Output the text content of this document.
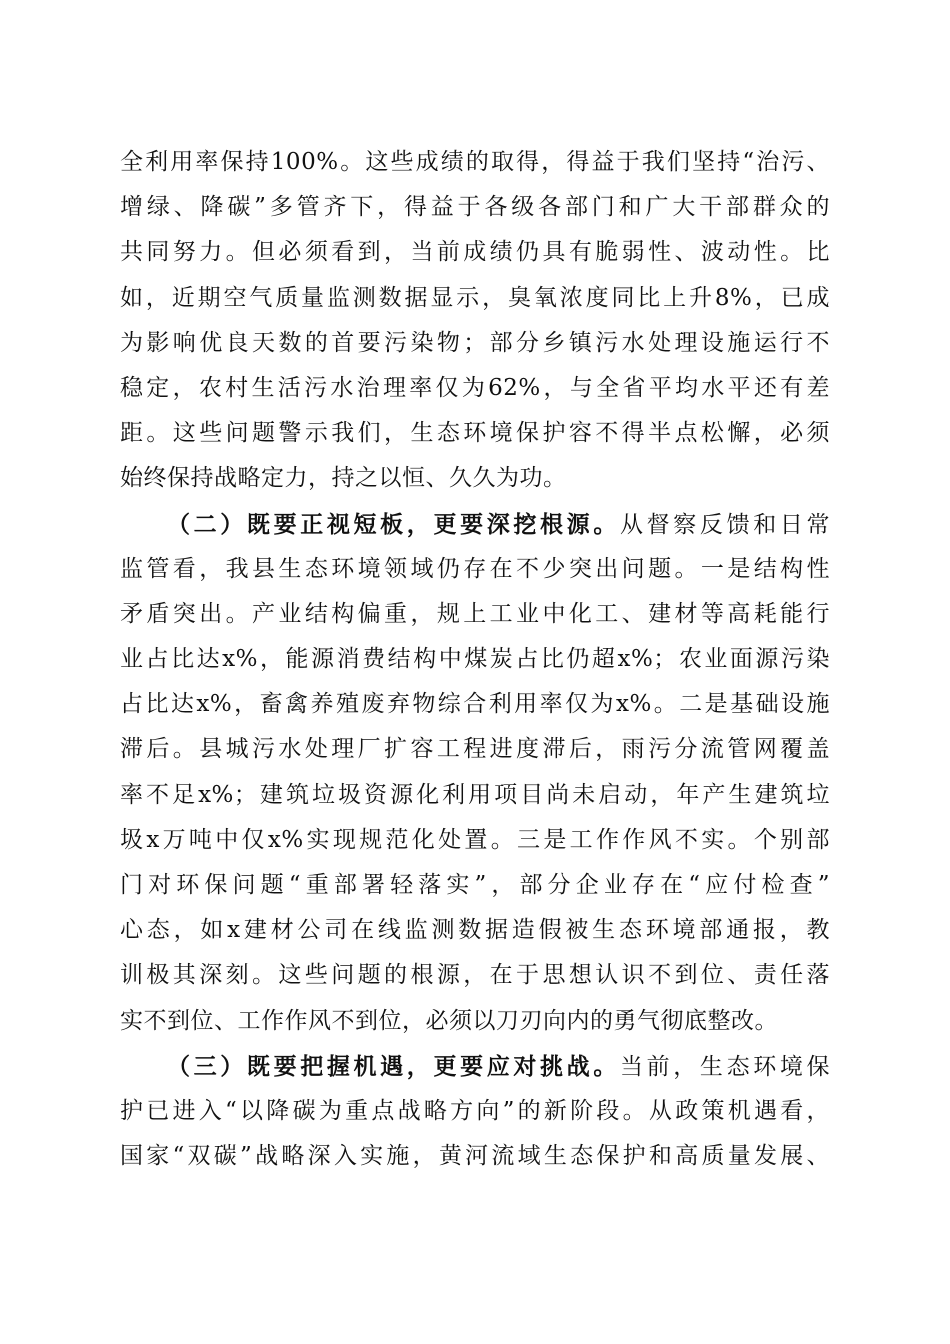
全利用率保持100%。这些成绩的取得，得益于我们坚持“治污、
增绿、降碳”多管齐下，得益于各级各部门和广大干部群众的
共同努力。但必须看到，当前成绩仍具有脆弱性、波动性。比
如，近期空气质量监测数据显示，臭氧浓度同比上升8%，已成
为影响优良天数的首要污染物；部分乡镇污水处理设施运行不
稳定，农村生活污水治理率仅为62%，与全省平均水平还有差
距。这些问题警示我们，生态环境保护容不得半点松懈，必须
始终保持战略定力，持之以恒、久久为功。
（二）既要正视短板，更要深挖根源。从督察反馈和日常
监管看，我县生态环境领域仍存在不少突出问题。一是结构性
矛盾突出。产业结构偏重，规上工业中化工、建材等高耗能行
业占比达x%，能源消费结构中煤炭占比仍超x%；农业面源污染
占比达x%，畜禽养殖废弃物综合利用率仅为x%。二是基础设施
滞后。县城污水处理厂扩容工程进度滞后，雨污分流管网覆盖
率不足x%；建筑垃圾资源化利用项目尚未启动，年产生建筑垃
圾x万吨中仅x%实现规范化处置。三是工作作风不实。个别部
门对环保问题“重部署轻落实”，部分企业存在“应付检查”
心态，如x建材公司在线监测数据造假被生态环境部通报，教
训极其深刻。这些问题的根源，在于思想认识不到位、责任落
实不到位、工作作风不到位，必须以刀刃向内的勇气彻底整改。
（三）既要把握机遇，更要应对挑战。当前，生态环境保
护已进入“以降碳为重点战略方向”的新阶段。从政策机遇看，
国家“双碳”战略深入实施，黄河流域生态保护和高质量发展、
